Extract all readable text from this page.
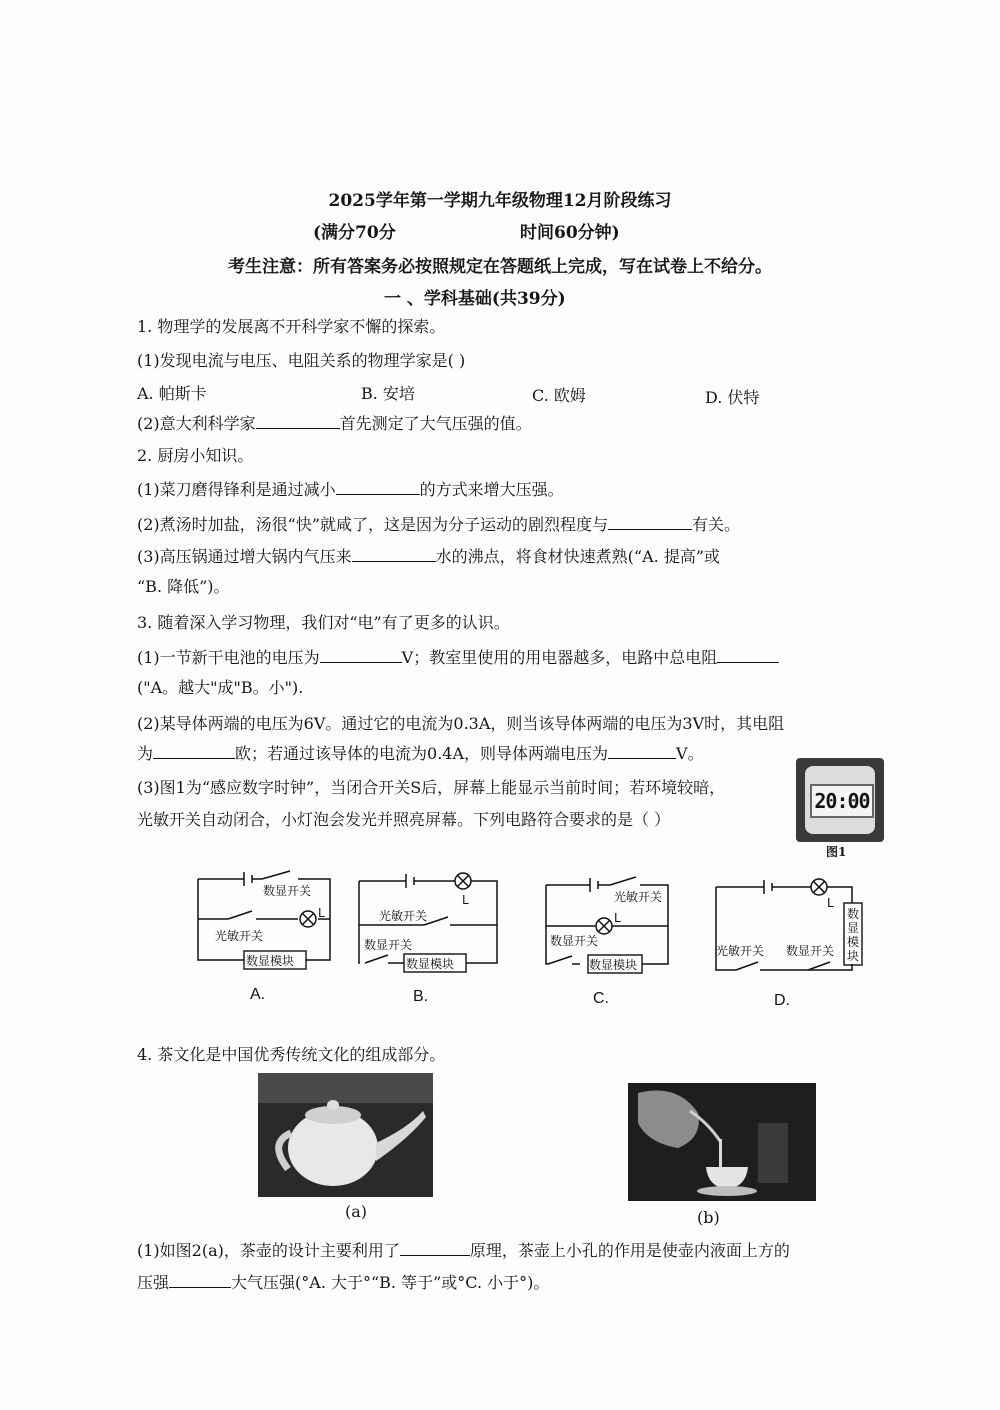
2025学年第一学期九年级物理12月阶段练习
(满分70分	时间60分钟)
考生注意：所有答案务必按照规定在答题纸上完成，写在试卷上不给分。
一 、学科基础(共39分)
1. 物理学的发展离不开科学家不懈的探索。
(1)发现电流与电压、电阻关系的物理学家是( )
A. 帕斯卡	B. 安培	C. 欧姆	D. 伏特
(2)意大利科学家	首先测定了大气压强的值。
2. 厨房小知识。
(1)菜刀磨得锋利是通过减小	的方式来增大压强。
(2)煮汤时加盐，汤很“快”就咸了，这是因为分子运动的剧烈程度与	有关。
(3)高压锅通过增大锅内气压来	水的沸点，将食材快速煮熟(“A. 提高”或
“B. 降低”)。
3. 随着深入学习物理，我们对“电”有了更多的认识。
(1)一节新干电池的电压为	V；教室里使用的用电器越多，电路中总电阻
("A。越大"成"B。小").
(2)某导体两端的电压为6V。通过它的电流为0.3A，则当该导体两端的电压为3V时，其电阻
为	欧；若通过该导体的电流为0.4A，则导体两端电压为	V。
(3)图1为“感应数字时钟”，当闭合开关S后，屏幕上能显示当前时间；若环境较暗，
光敏开关自动闭合，小灯泡会发光并照亮屏幕。下列电路符合要求的是（ ）
20:00
图1
数显开关
光敏开关
L
数显模块
L
光敏开关
数显开关
数显模块
光敏开关
L
数显开关
数显模块
L
光敏开关 数显开关
数
显
模
块
A.	B.	C.	D.
4. 茶文化是中国优秀传统文化的组成部分。
(a)	(b)
(1)如图2(a)，茶壶的设计主要利用了	原理，茶壶上小孔的作用是使壶内液面上方的
压强	大气压强(°A. 大于°“B. 等于”或°C. 小于°)。
